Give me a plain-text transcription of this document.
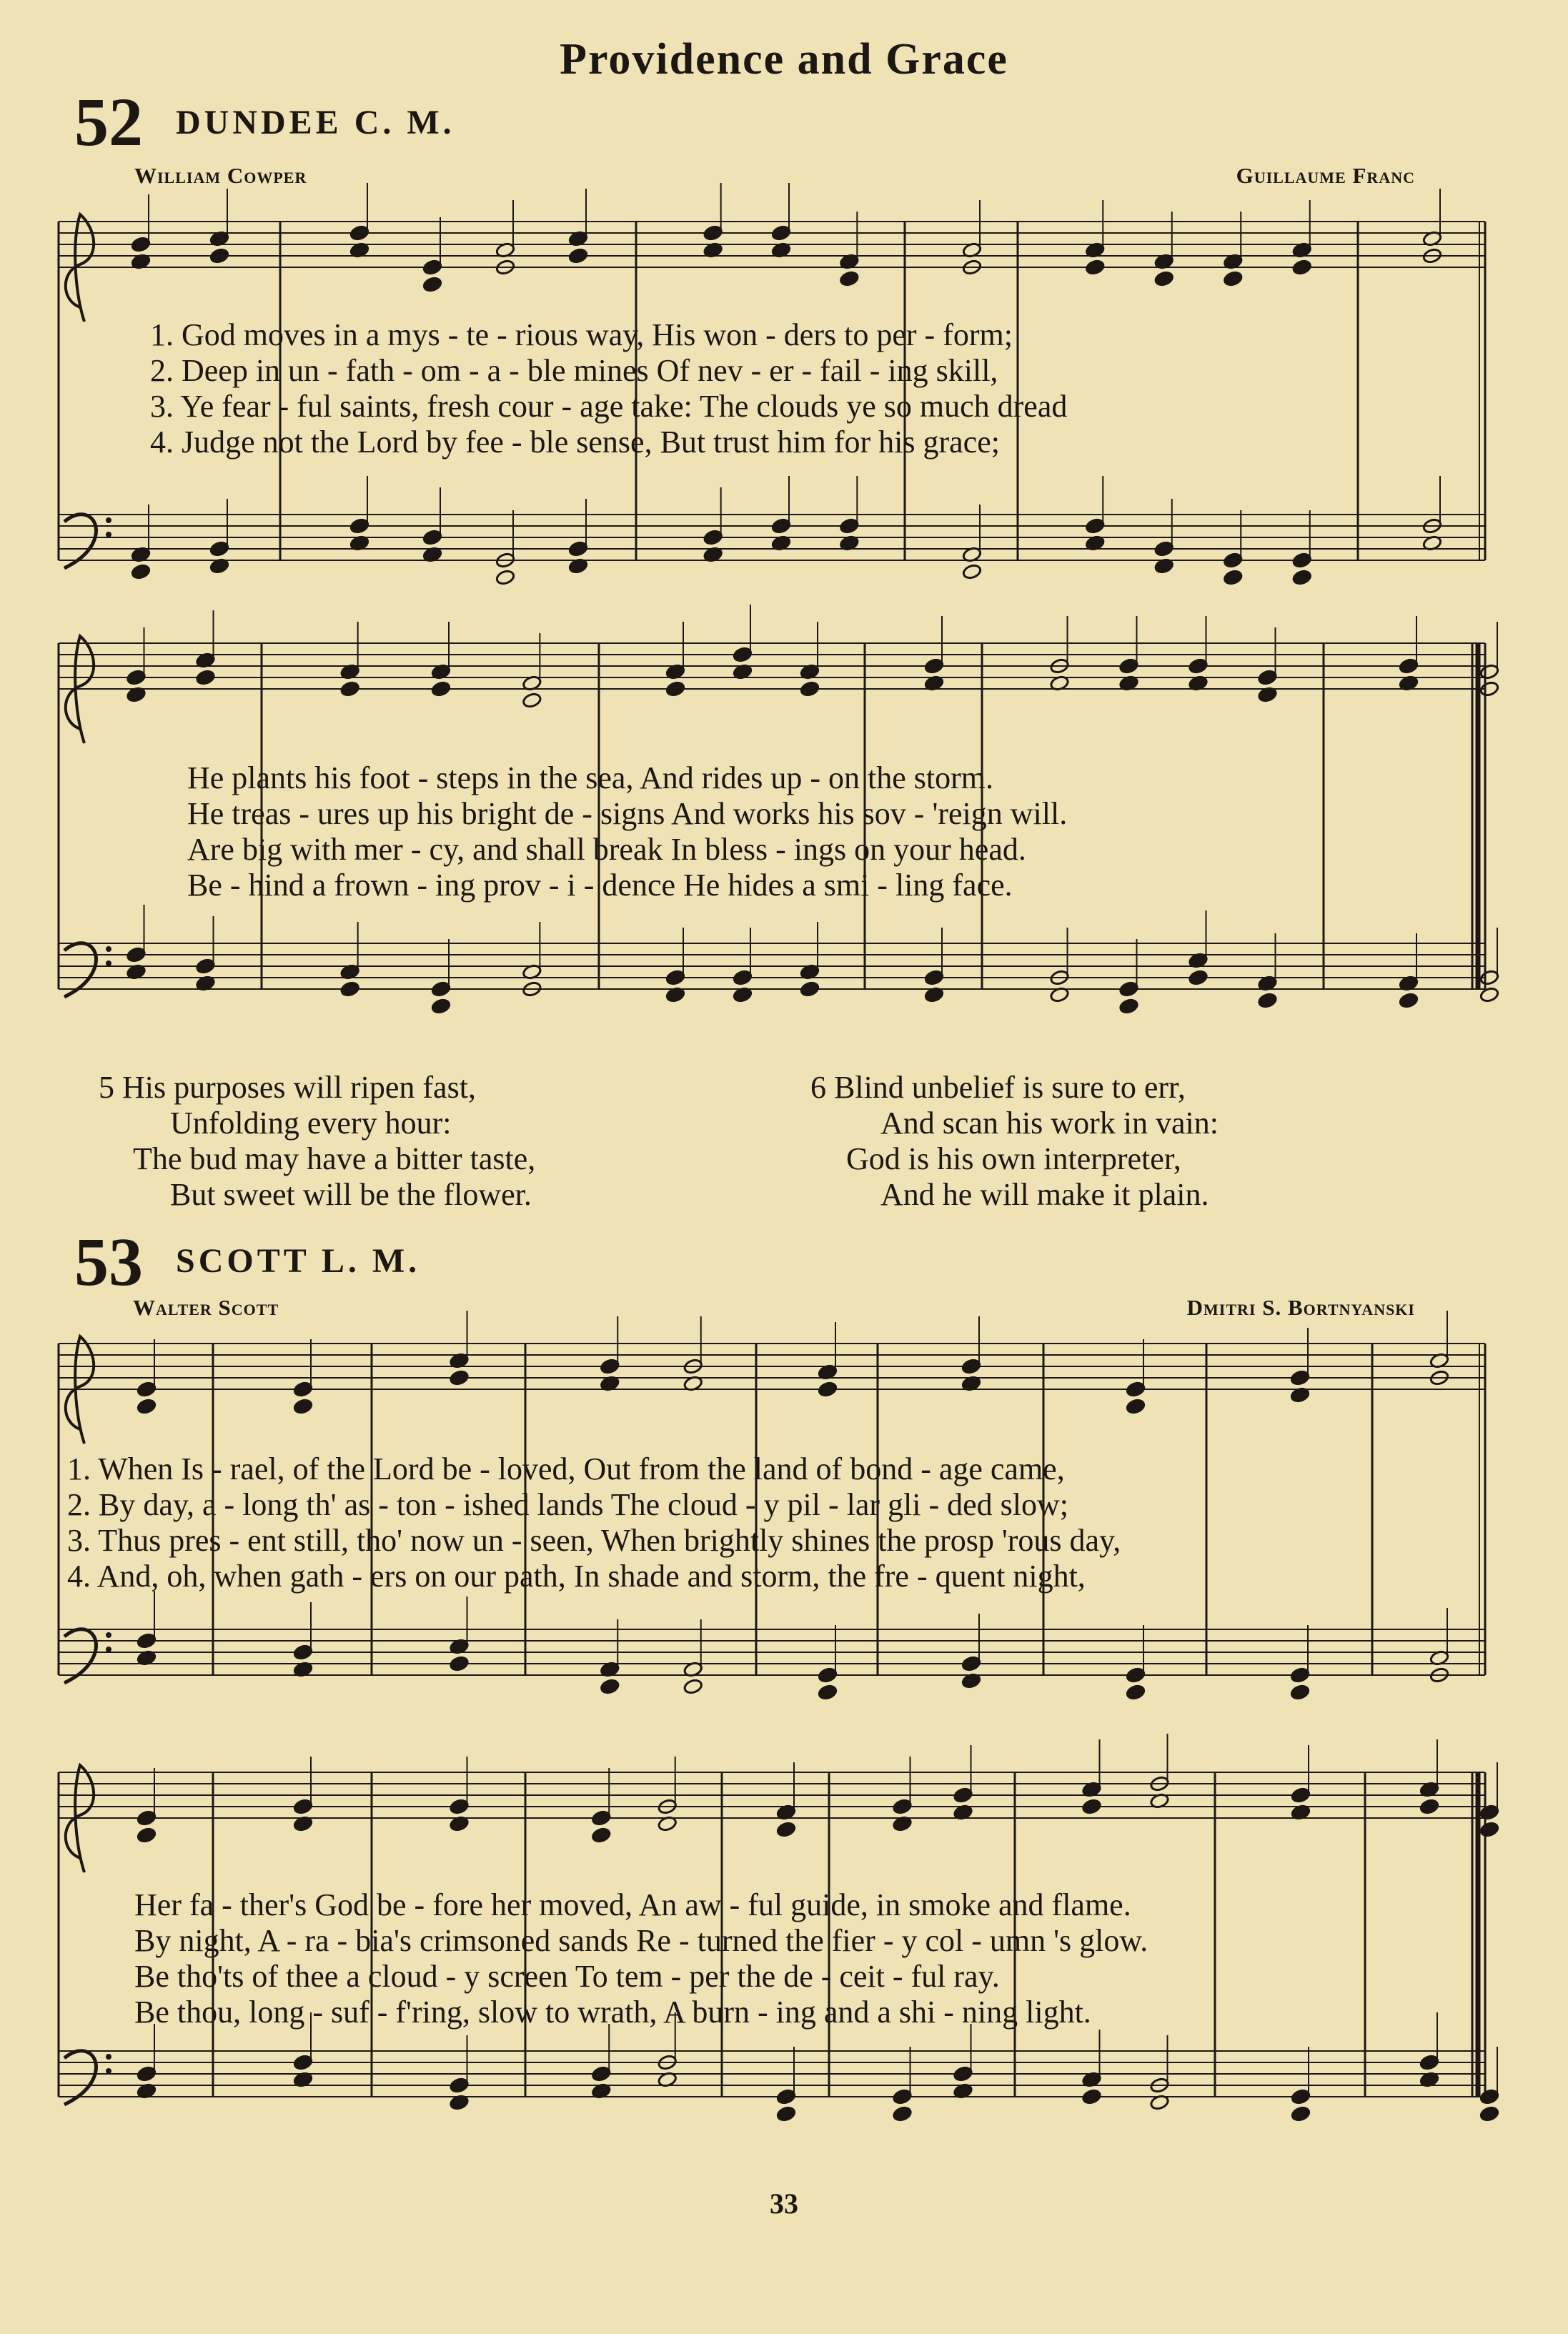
Providence and Grace
52 DUNDEE C. M.
William Cowper	Guillaume Franc
1. God moves in a mys - te - rious way, His won - ders to per - form;
2. Deep in un - fath - om - a - ble mines Of nev - er - fail - ing skill,
3. Ye fear - ful saints, fresh cour - age take: The clouds ye so much dread
4. Judge not the Lord by fee - ble sense, But trust him for his grace;
He plants his foot - steps in the sea, And rides up - on the storm.
He treas - ures up his bright de - signs And works his sov - 'reign will.
Are big with mer - cy, and shall break In bless - ings on your head.
Be - hind a frown - ing prov - i - dence He hides a smi - ling face.
5 His purposes will ripen fast,
Unfolding every hour:
The bud may have a bitter taste,
But sweet will be the flower.
6 Blind unbelief is sure to err,
And scan his work in vain:
God is his own interpreter,
And he will make it plain.
53 SCOTT L. M.
Walter Scott	Dmitri S. Bortnyanski
1. When Is - rael, of the Lord be - loved, Out from the land of bond - age came,
2. By day, a - long th' as - ton - ished lands The cloud - y pil - lar gli - ded slow;
3. Thus pres - ent still, tho' now un - seen, When brightly shines the prosp 'rous day,
4. And, oh, when gath - ers on our path, In shade and storm, the fre - quent night,
Her fa - ther's God be - fore her moved, An aw - ful guide, in smoke and flame.
By night, A - ra - bia's crimsoned sands Re - turned the fier - y col - umn 's glow.
Be tho'ts of thee a cloud - y screen To tem - per the de - ceit - ful ray.
Be thou, long - suf - f'ring, slow to wrath, A burn - ing and a shi - ning light.
33
